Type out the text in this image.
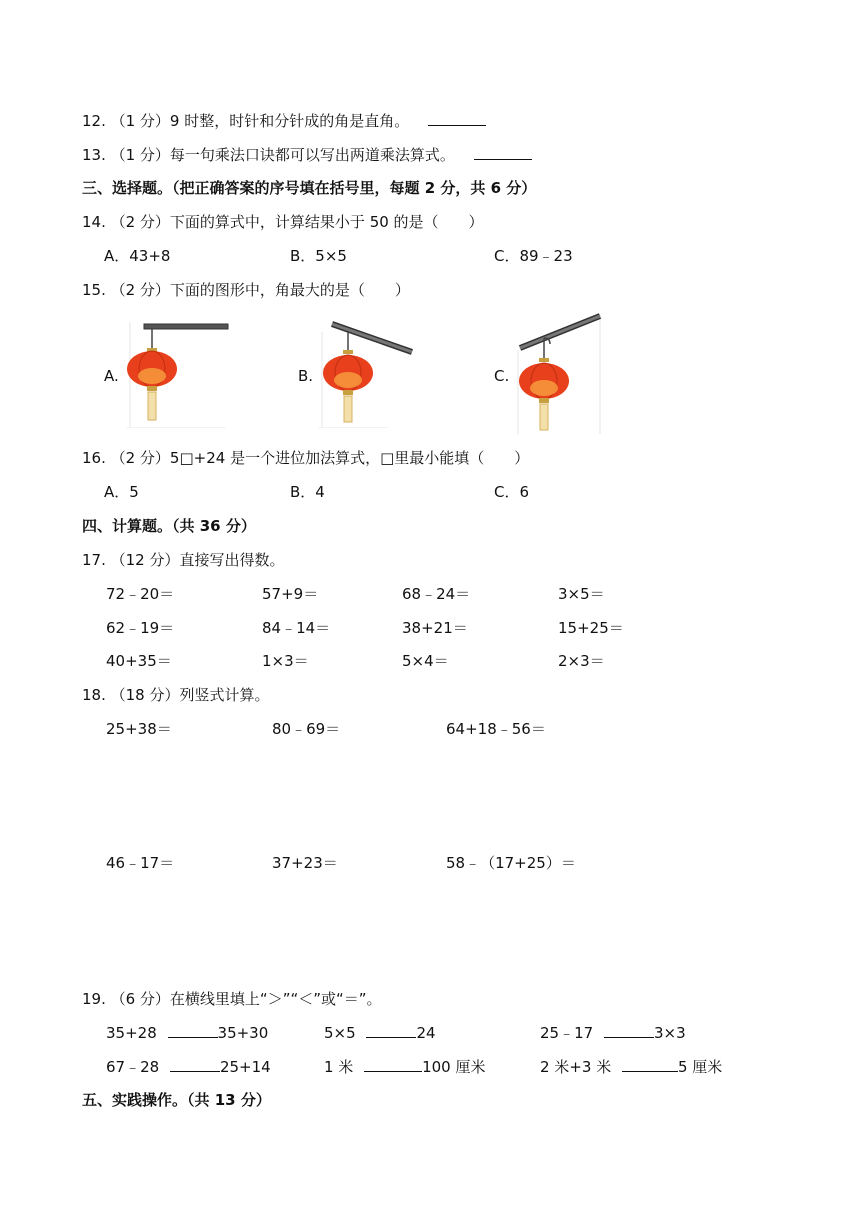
12. （1 分）9 时整，时针和分针成的角是直角。
13. （1 分）每一句乘法口诀都可以写出两道乘法算式。
三、选择题。（把正确答案的序号填在括号里，每题 2 分，共 6 分）
14. （2 分）下面的算式中，计算结果小于 50 的是（　　）
A．43+8	B．5×5	C．89﹣23
15. （2 分）下面的图形中，角最大的是（　　）
A.	B.	C.
16. （2 分）5□+24 是一个进位加法算式，□里最小能填（　　）
A．5	B．4	C．6
四、计算题。（共 36 分）
17. （12 分）直接写出得数。
72﹣20＝	57+9＝	68﹣24＝	3×5＝
62﹣19＝	84﹣14＝	38+21＝	15+25＝
40+35＝	1×3＝	5×4＝	2×3＝
18. （18 分）列竖式计算。
25+38＝	80﹣69＝	64+18﹣56＝
46﹣17＝	37+23＝	58﹣（17+25）＝
19. （6 分）在横线里填上“＞”“＜”或“＝”。
35+28	35+30	5×5	24	25﹣17	3×3
67﹣28	25+14	1 米	100 厘米	2 米+3 米	5 厘米
五、实践操作。（共 13 分）
